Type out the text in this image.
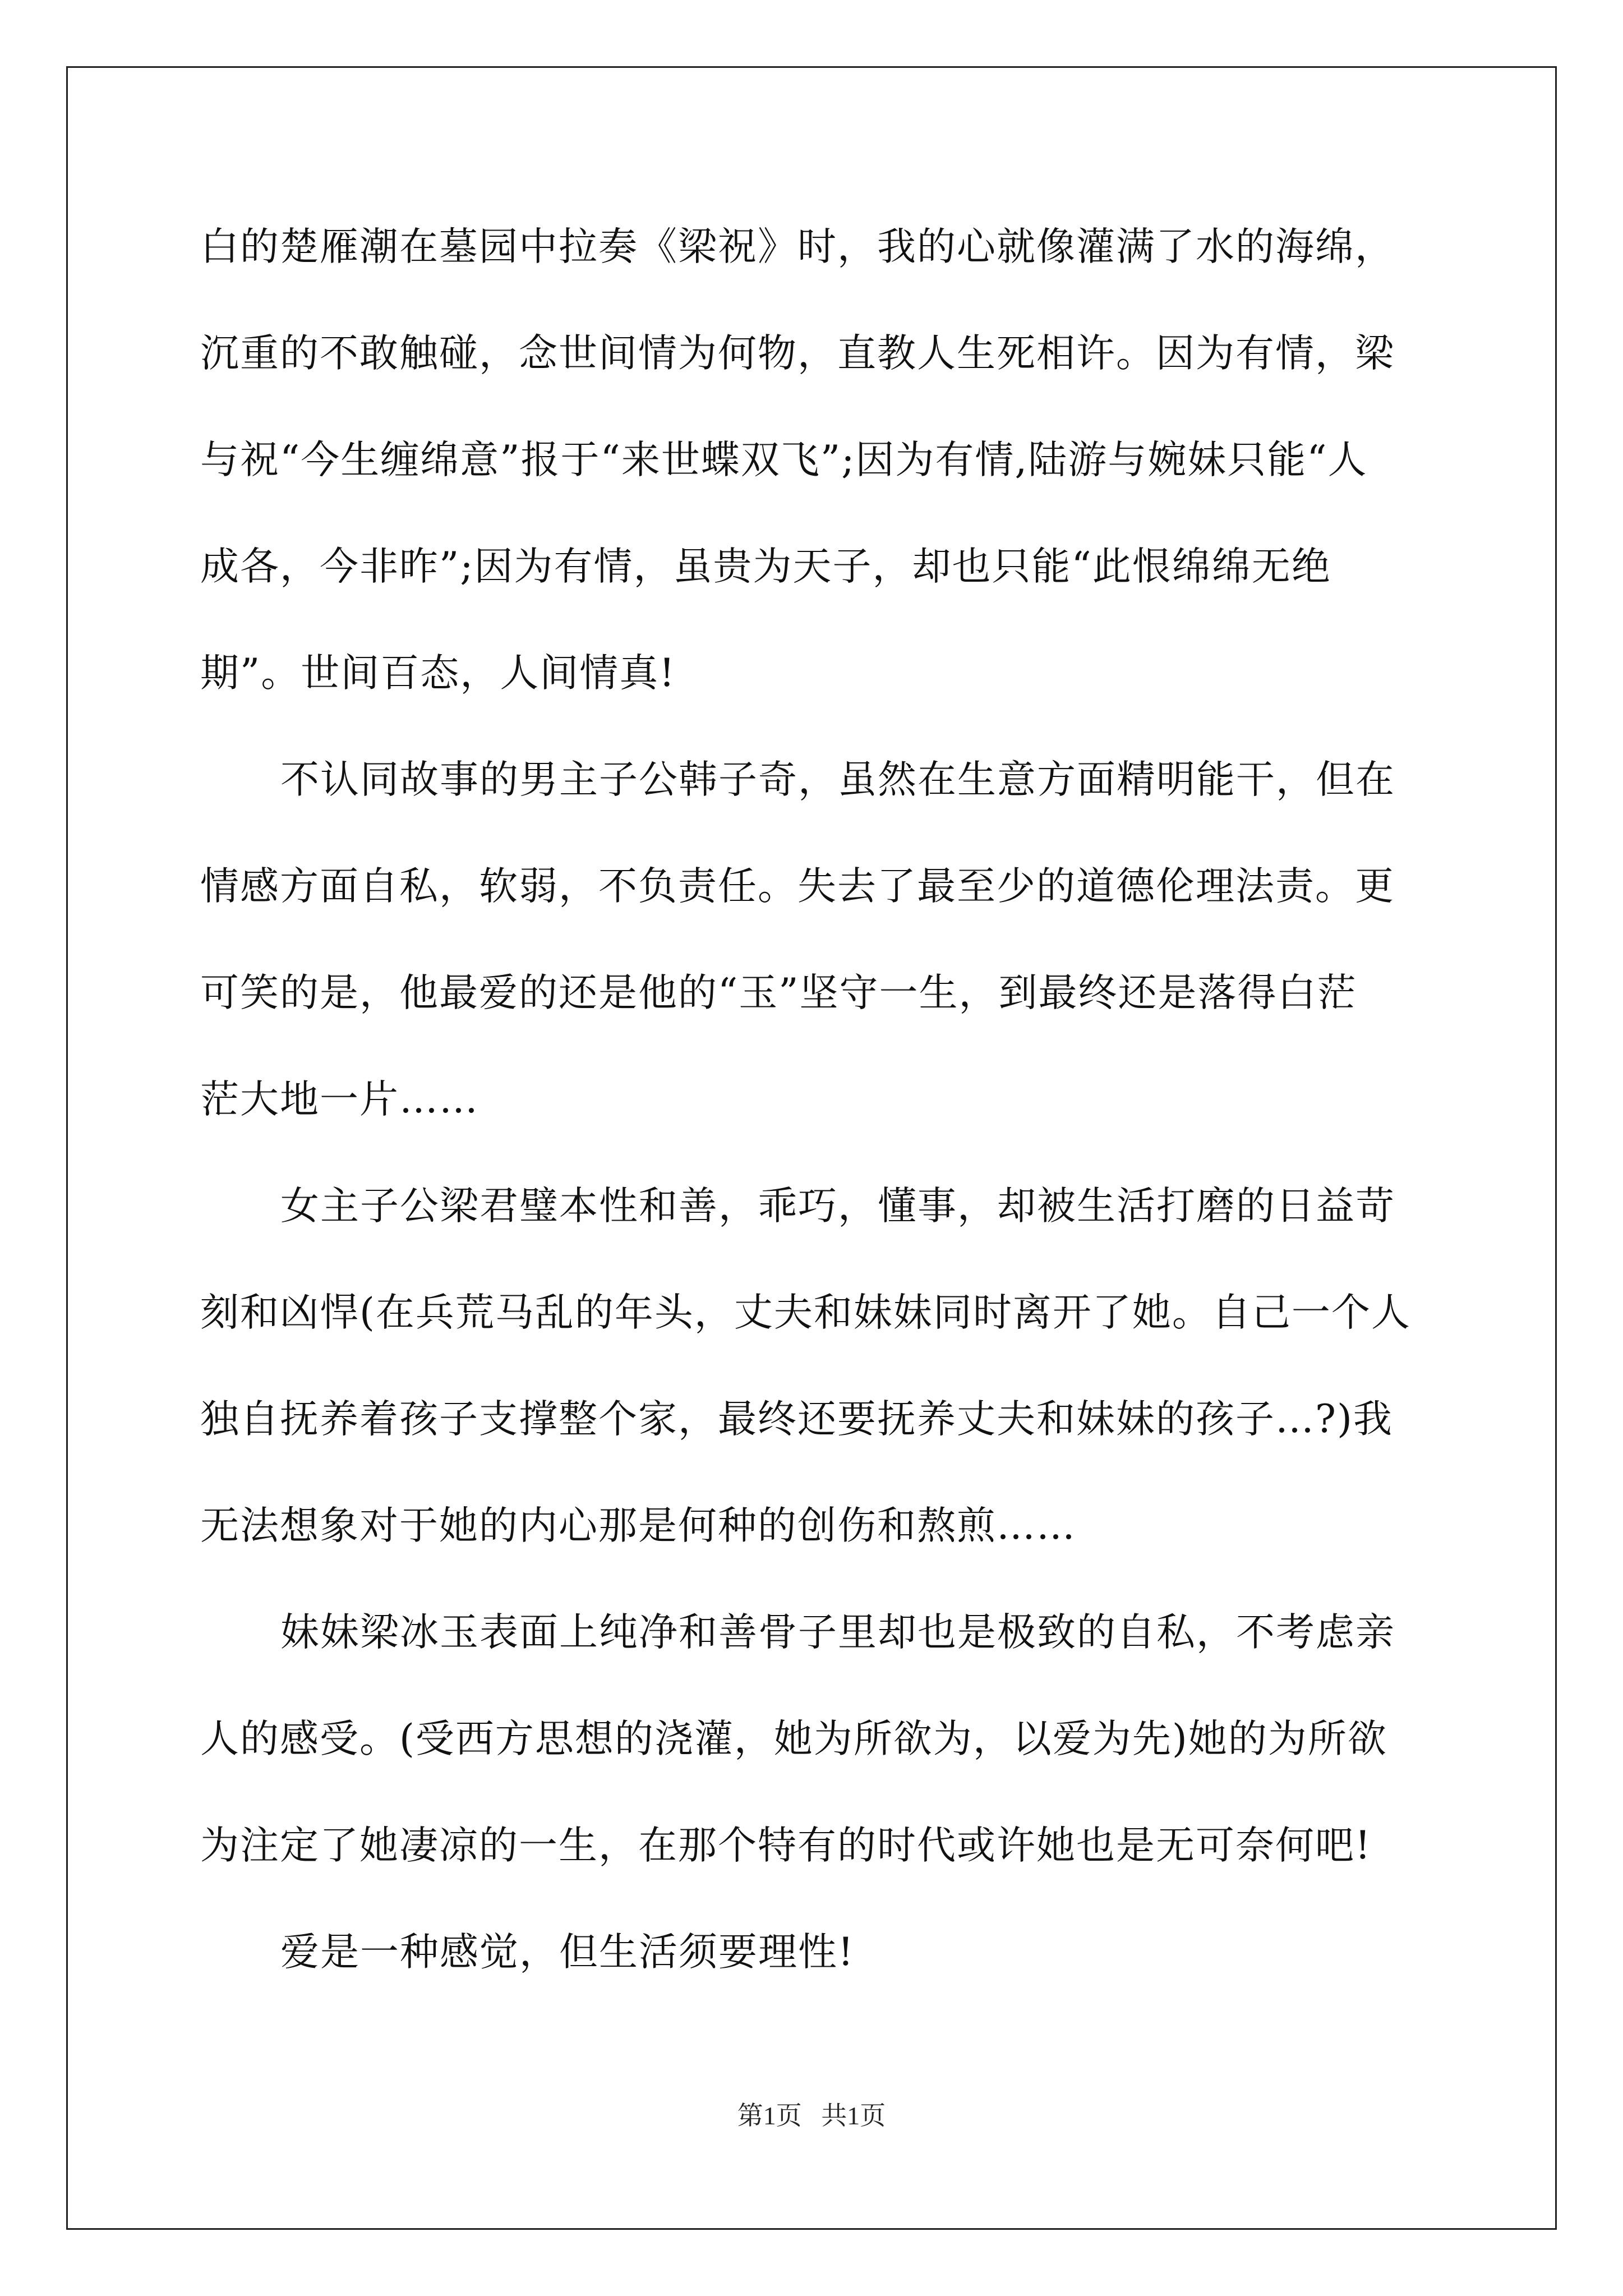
白的楚雁潮在墓园中拉奏《梁祝》时，我的心就像灌满了水的海绵，

沉重的不敢触碰，念世间情为何物，直教人生死相许。因为有情，梁

与祝“今生缠绵意”报于“来世蝶双飞”;因为有情,陆游与婉妹只能“人

成各，今非昨”;因为有情，虽贵为天子，却也只能“此恨绵绵无绝

期”。世间百态，人间情真!

不认同故事的男主子公韩子奇，虽然在生意方面精明能干，但在

情感方面自私，软弱，不负责任。失去了最至少的道德伦理法责。更

可笑的是，他最爱的还是他的“玉”坚守一生，到最终还是落得白茫

茫大地一片……

女主子公梁君璧本性和善，乖巧，懂事，却被生活打磨的日益苛

刻和凶悍(在兵荒马乱的年头，丈夫和妹妹同时离开了她。自己一个人

独自抚养着孩子支撑整个家，最终还要抚养丈夫和妹妹的孩子…?)我

无法想象对于她的内心那是何种的创伤和熬煎……

妹妹梁冰玉表面上纯净和善骨子里却也是极致的自私，不考虑亲

人的感受。(受西方思想的浇灌，她为所欲为，以爱为先)她的为所欲

为注定了她凄凉的一生，在那个特有的时代或许她也是无可奈何吧!

爱是一种感觉，但生活须要理性!

第1页   共1页
